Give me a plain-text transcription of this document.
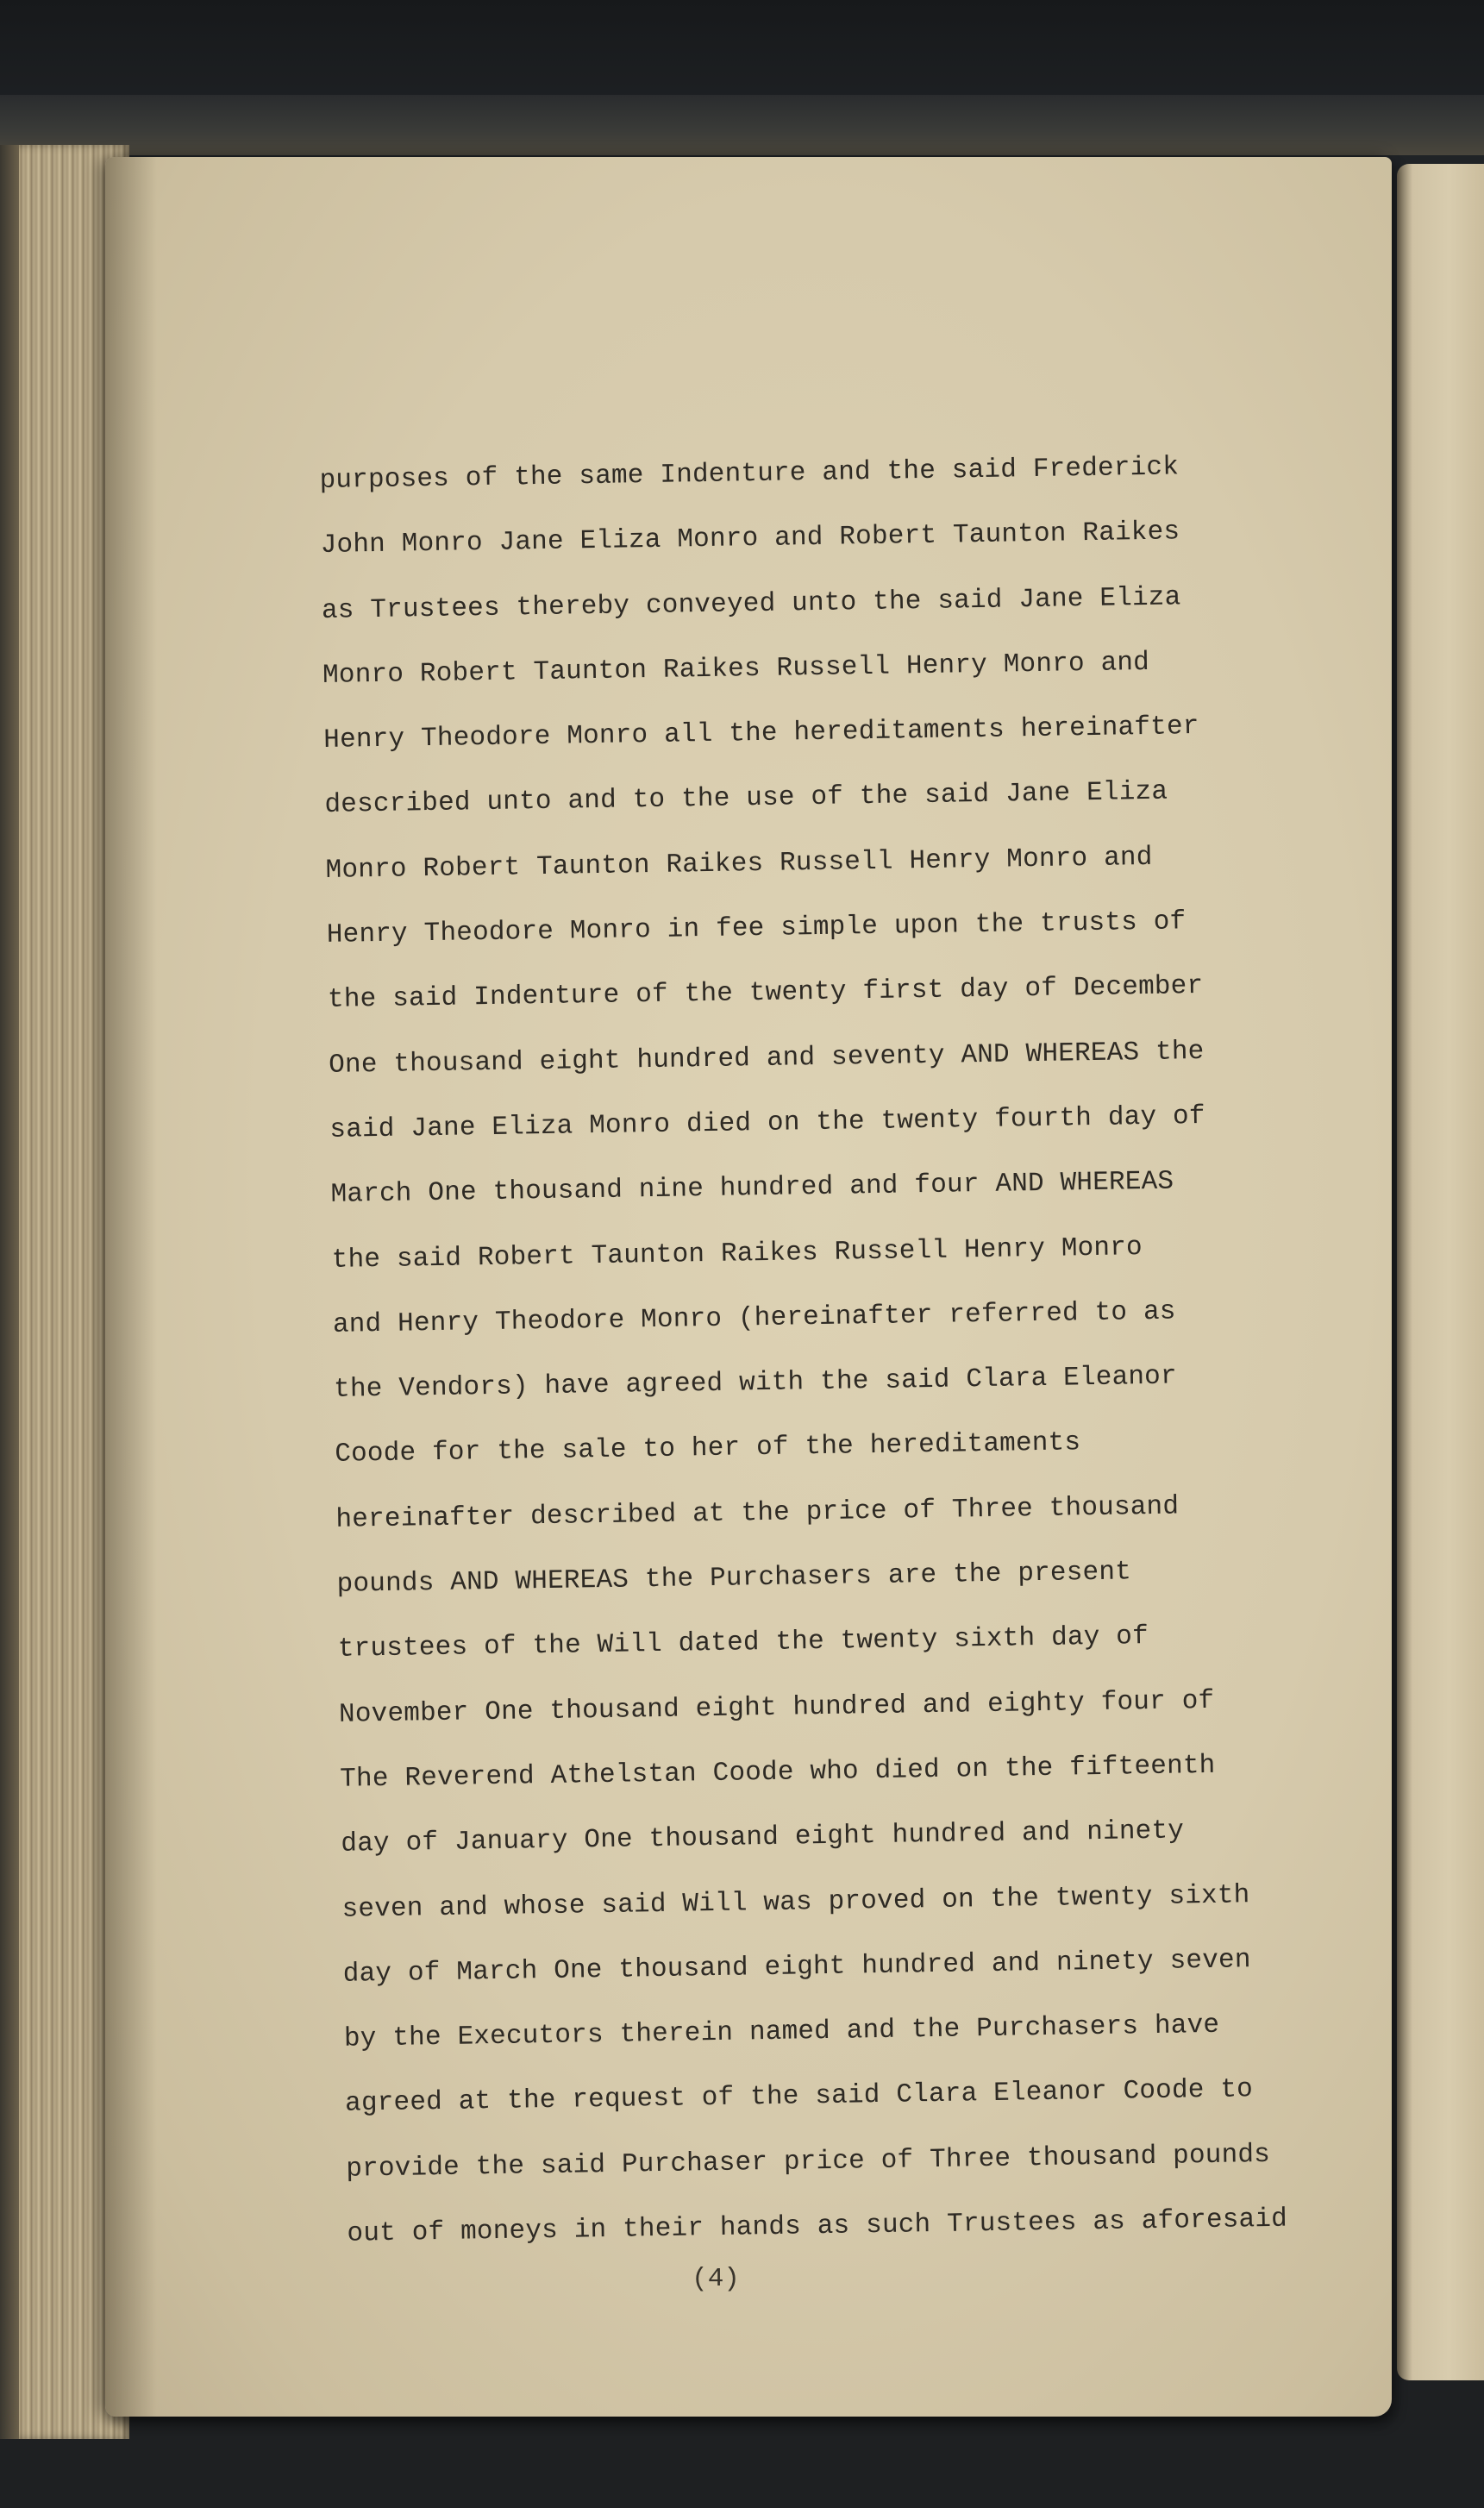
purposes of the same Indenture and the said Frederick
John Monro Jane Eliza Monro and Robert Taunton Raikes
as Trustees thereby conveyed unto the said Jane Eliza
Monro Robert Taunton Raikes Russell Henry Monro and
Henry Theodore Monro all the hereditaments hereinafter
described unto and to the use of the said Jane Eliza
Monro Robert Taunton Raikes Russell Henry Monro and
Henry Theodore Monro in fee simple upon the trusts of
the said Indenture of the twenty first day of December
One thousand eight hundred and seventy AND WHEREAS the
said Jane Eliza Monro died on the twenty fourth day of
March One thousand nine hundred and four AND WHEREAS
the said Robert Taunton Raikes Russell Henry Monro
and Henry Theodore Monro (hereinafter referred to as
the Vendors) have agreed with the said Clara Eleanor
Coode for the sale to her of the hereditaments
hereinafter described at the price of Three thousand
pounds AND WHEREAS the Purchasers are the present
trustees of the Will dated the twenty sixth day of
November One thousand eight hundred and eighty four of
The Reverend Athelstan Coode who died on the fifteenth
day of January One thousand eight hundred and ninety
seven and whose said Will was proved on the twenty sixth
day of March One thousand eight hundred and ninety seven
by the Executors therein named and the Purchasers have
agreed at the request of the said Clara Eleanor Coode to
provide the said Purchaser price of Three thousand pounds
out of moneys in their hands as such Trustees as aforesaid
(4)
